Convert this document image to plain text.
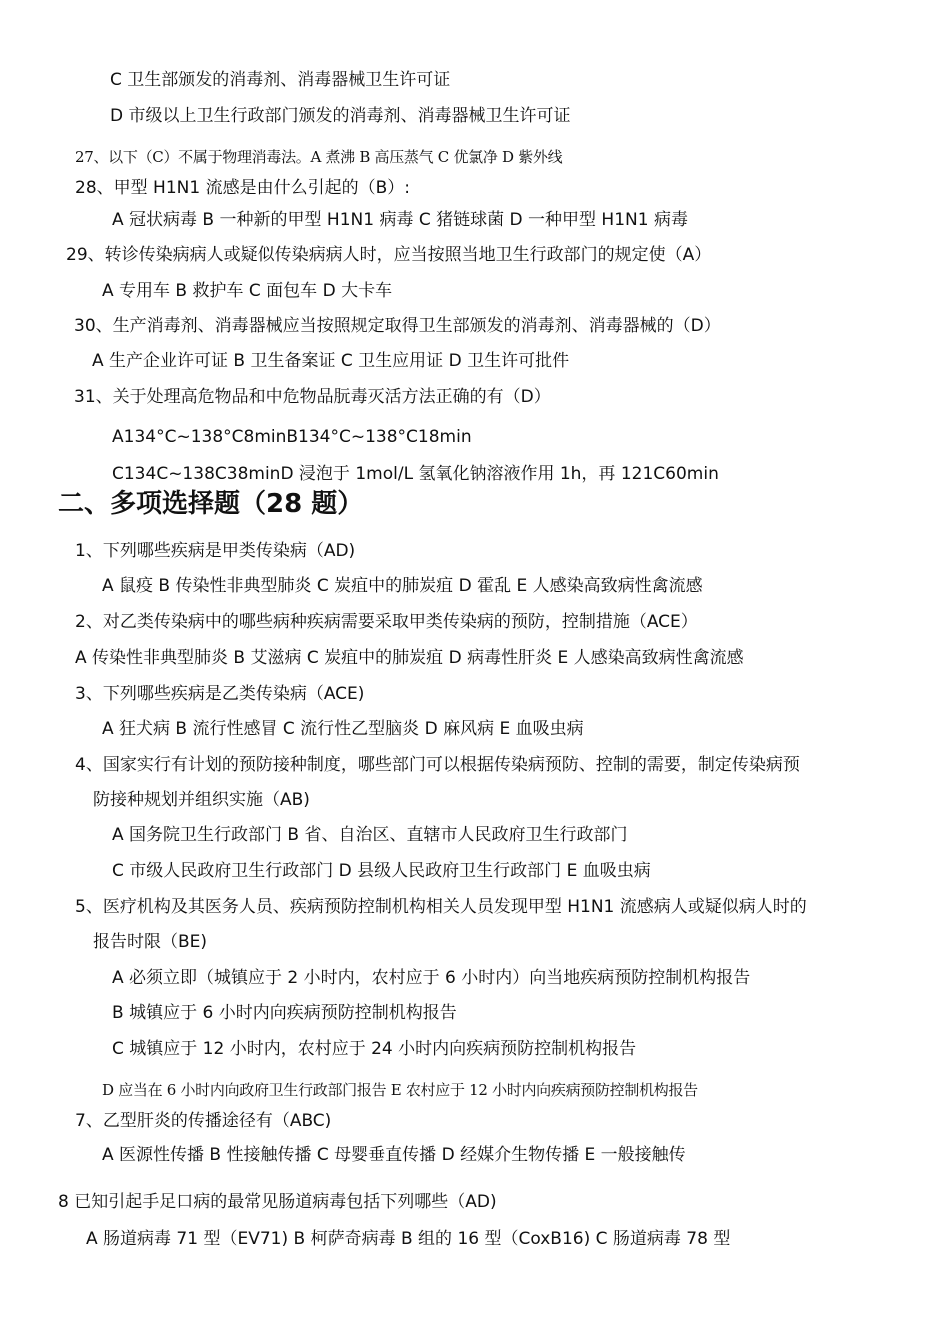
C 卫生部颁发的消毒剂、消毒器械卫生许可证
D 市级以上卫生行政部门颁发的消毒剂、消毒器械卫生许可证
27、以下（C）不属于物理消毒法。A 煮沸 B 高压蒸气 C 优氯净 D 紫外线
28、甲型 H1N1 流感是由什么引起的（B）:
A 冠状病毒 B 一种新的甲型 H1N1 病毒 C 猪链球菌 D 一种甲型 H1N1 病毒
29、转诊传染病病人或疑似传染病病人时，应当按照当地卫生行政部门的规定使（A）
A 专用车 B 救护车 C 面包车 D 大卡车
30、生产消毒剂、消毒器械应当按照规定取得卫生部颁发的消毒剂、消毒器械的（D）
A 生产企业许可证 B 卫生备案证 C 卫生应用证 D 卫生许可批件
31、关于处理高危物品和中危物品朊毒灭活方法正确的有（D）
A134°C~138°C8minB134°C~138°C18min
C134C~138C38minD 浸泡于 1mol/L 氢氧化钠溶液作用 1h，再 121C60min
二、多项选择题（28 题）
1、下列哪些疾病是甲类传染病（AD)
A 鼠疫 B 传染性非典型肺炎 C 炭疽中的肺炭疽 D 霍乱 E 人感染高致病性禽流感
2、对乙类传染病中的哪些病种疾病需要采取甲类传染病的预防，控制措施（ACE）
A 传染性非典型肺炎 B 艾滋病 C 炭疽中的肺炭疽 D 病毒性肝炎 E 人感染高致病性禽流感
3、下列哪些疾病是乙类传染病（ACE)
A 狂犬病 B 流行性感冒 C 流行性乙型脑炎 D 麻风病 E 血吸虫病
4、国家实行有计划的预防接种制度，哪些部门可以根据传染病预防、控制的需要，制定传染病预
防接种规划并组织实施（AB)
A 国务院卫生行政部门 B 省、自治区、直辖市人民政府卫生行政部门
C 市级人民政府卫生行政部门 D 县级人民政府卫生行政部门 E 血吸虫病
5、医疗机构及其医务人员、疾病预防控制机构相关人员发现甲型 H1N1 流感病人或疑似病人时的
报告时限（BE)
A 必须立即（城镇应于 2 小时内，农村应于 6 小时内）向当地疾病预防控制机构报告
B 城镇应于 6 小时内向疾病预防控制机构报告
C 城镇应于 12 小时内，农村应于 24 小时内向疾病预防控制机构报告
D 应当在 6 小时内向政府卫生行政部门报告 E 农村应于 12 小时内向疾病预防控制机构报告
7、乙型肝炎的传播途径有（ABC)
A 医源性传播 B 性接触传播 C 母婴垂直传播 D 经媒介生物传播 E 一般接触传
8 已知引起手足口病的最常见肠道病毒包括下列哪些（AD)
A 肠道病毒 71 型（EV71) B 柯萨奇病毒 B 组的 16 型（CoxB16) C 肠道病毒 78 型
